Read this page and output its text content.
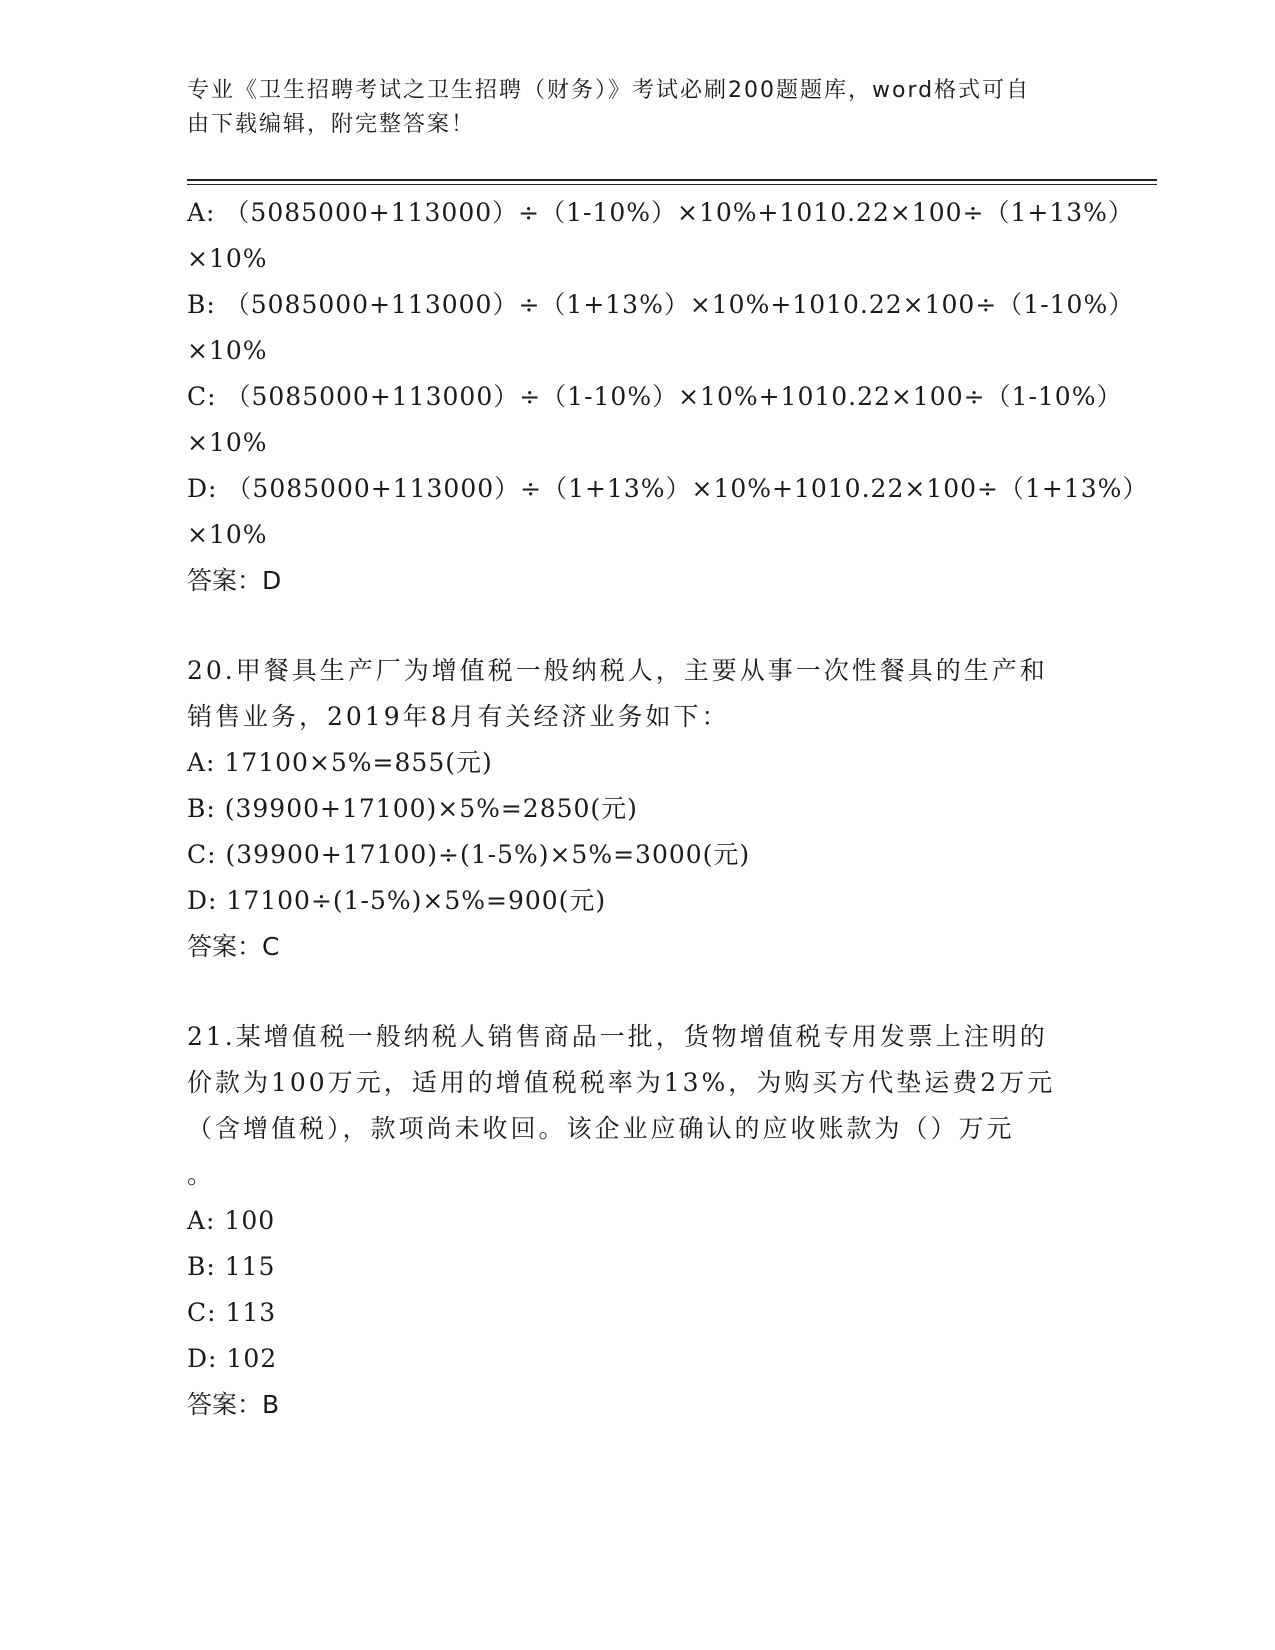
专业《卫生招聘考试之卫生招聘（财务）》考试必刷200题题库，word格式可自
由下载编辑，附完整答案！
A: （5085000+113000）÷（1-10%）×10%+1010.22×100÷（1+13%）
×10%
B: （5085000+113000）÷（1+13%）×10%+1010.22×100÷（1-10%）
×10%
C: （5085000+113000）÷（1-10%）×10%+1010.22×100÷（1-10%）
×10%
D: （5085000+113000）÷（1+13%）×10%+1010.22×100÷（1+13%）
×10%
答案：D
20.甲餐具生产厂为增值税一般纳税人，主要从事一次性餐具的生产和
销售业务，2019年8月有关经济业务如下：
A: 17100×5%=855(元)
B: (39900+17100)×5%=2850(元)
C: (39900+17100)÷(1-5%)×5%=3000(元)
D: 17100÷(1-5%)×5%=900(元)
答案：C
21.某增值税一般纳税人销售商品一批，货物增值税专用发票上注明的
价款为100万元，适用的增值税税率为13%，为购买方代垫运费2万元
（含增值税），款项尚未收回。该企业应确认的应收账款为（）万元
。
A: 100
B: 115
C: 113
D: 102
答案：B
